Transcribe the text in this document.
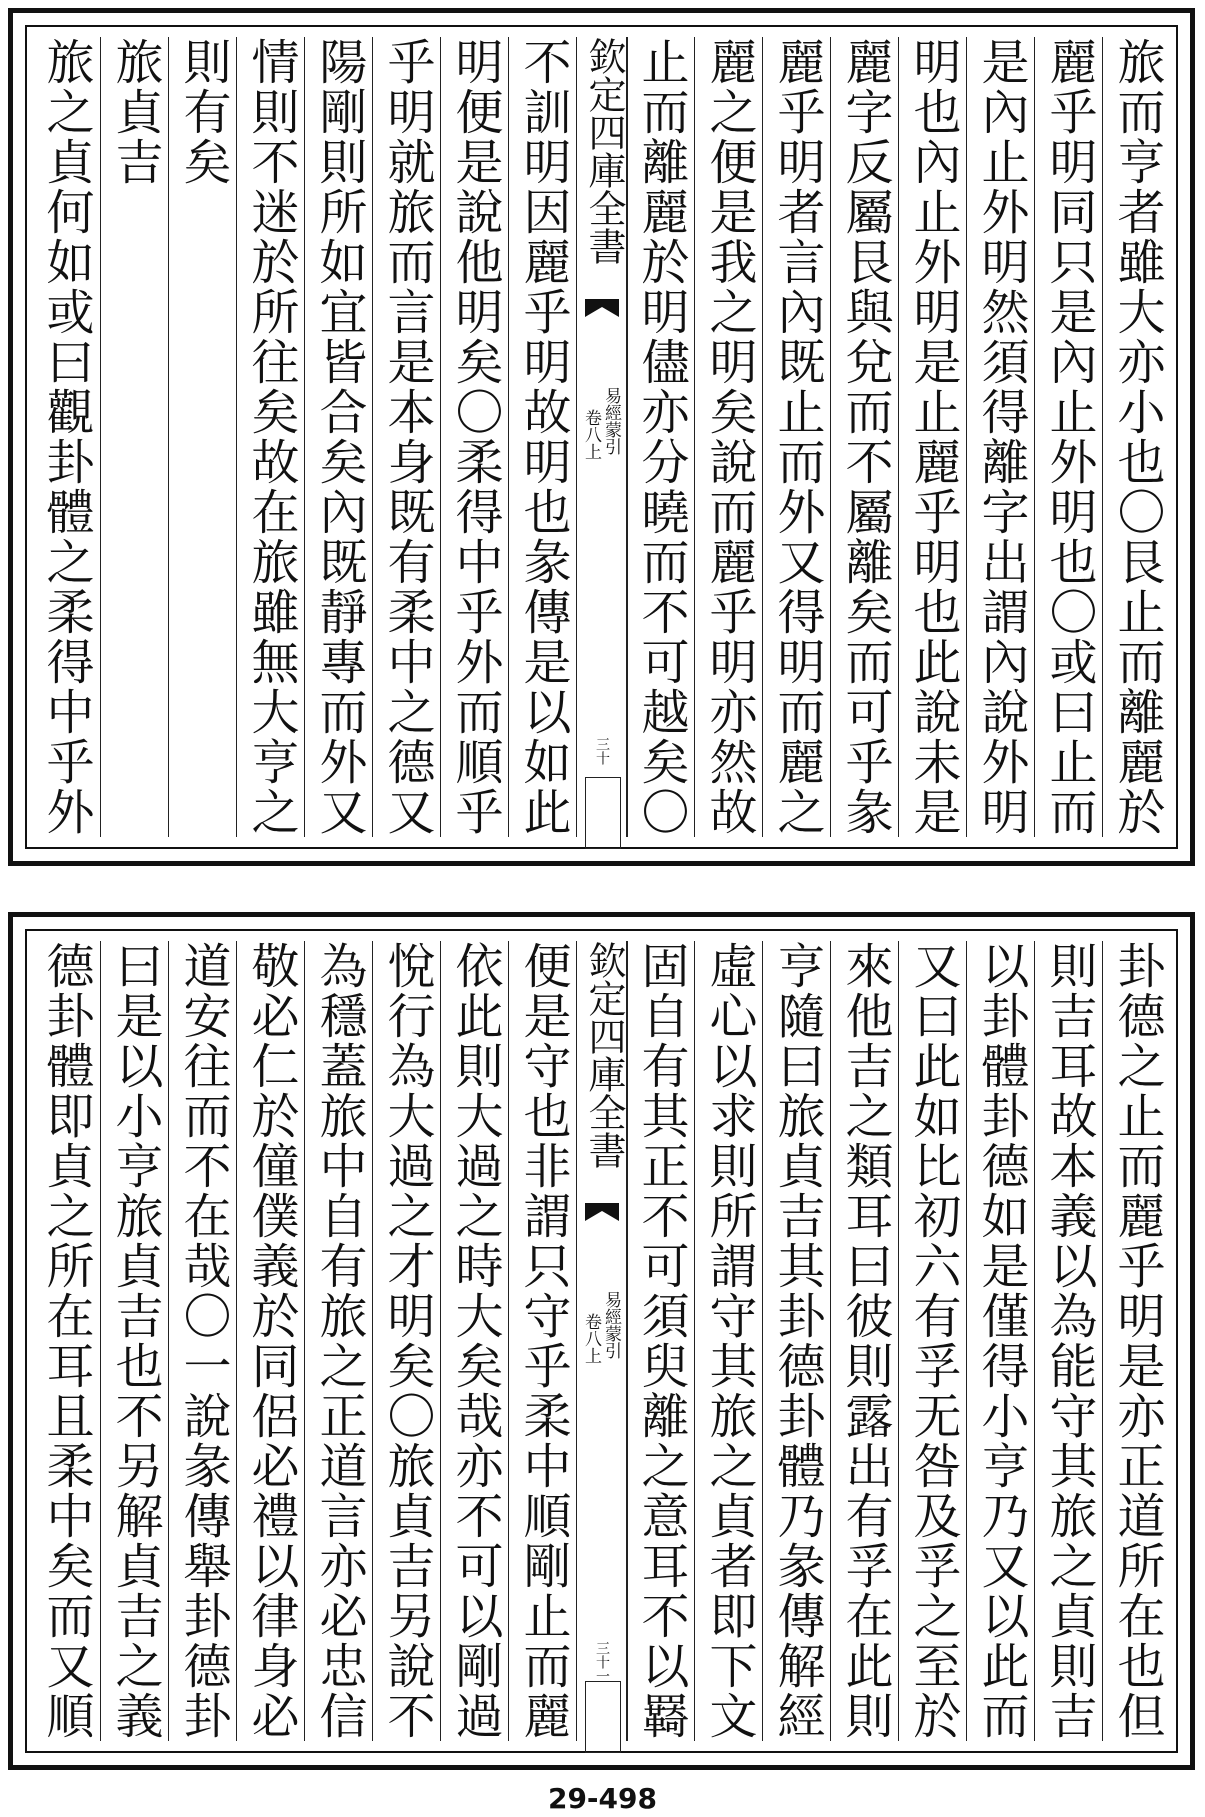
旅而亨者雖大亦小也〇艮止而離麗於
麗乎明同只是內止外明也〇或曰止而
是內止外明然須得離字出謂內說外明
明也內止外明是止麗乎明也此說未是
麗字反屬艮與兌而不屬離矣而可乎彖
麗乎明者言內既止而外又得明而麗之
麗之便是我之明矣說而麗乎明亦然故
止而離麗於明儘亦分曉而不可越矣〇
欽定四庫全書
易經蒙引
卷八上
三十
不訓明因麗乎明故明也彖傳是以如此
明便是說他明矣〇柔得中乎外而順乎
乎明就旅而言是本身既有柔中之德又
陽剛則所如宜皆合矣內既靜專而外又
情則不迷於所往矣故在旅雖無大亨之
則有矣
旅貞吉
旅之貞何如或曰觀卦體之柔得中乎外
卦德之止而麗乎明是亦正道所在也但
則吉耳故本義以為能守其旅之貞則吉
以卦體卦德如是僅得小亨乃又以此而
又曰此如比初六有孚无咎及孚之至於
來他吉之類耳曰彼則露出有孚在此則
亨隨曰旅貞吉其卦德卦體乃彖傳解經
虛心以求則所謂守其旅之貞者即下文
固自有其正不可須臾離之意耳不以羇
欽定四庫全書
易經蒙引
卷八上
三十一
便是守也非謂只守乎柔中順剛止而麗
依此則大過之時大矣哉亦不可以剛過
悅行為大過之才明矣〇旅貞吉另說不
為穩蓋旅中自有旅之正道言亦必忠信
敬必仁於僮僕義於同侶必禮以律身必
道安往而不在哉〇一說彖傳舉卦德卦
曰是以小亨旅貞吉也不另解貞吉之義
德卦體即貞之所在耳且柔中矣而又順
29-498
